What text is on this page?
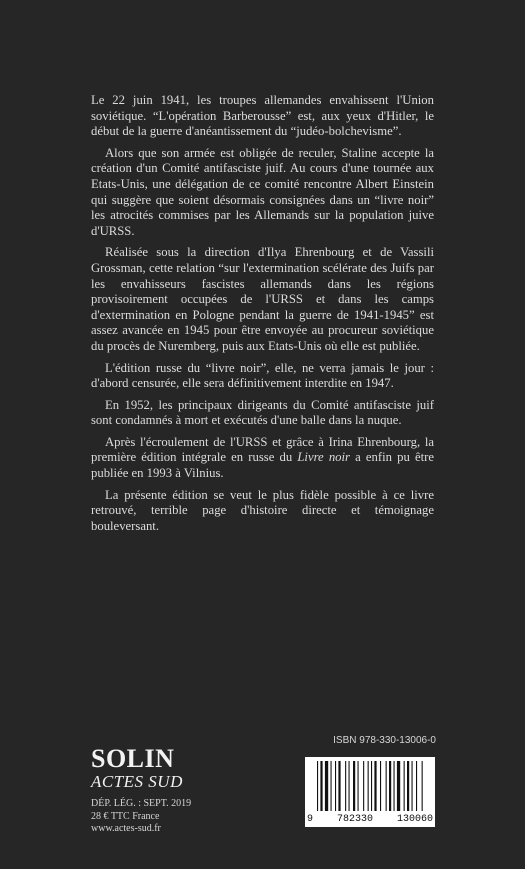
Le 22 juin 1941, les troupes allemandes envahissent l'Union soviétique. “L'opération Barberousse” est, aux yeux d'Hitler, le début de la guerre d'anéantissement du “judéo-bolchevisme”.

Alors que son armée est obligée de reculer, Staline accepte la création d'un Comité antifasciste juif. Au cours d'une tournée aux Etats-Unis, une délégation de ce comité rencontre Albert Einstein qui suggère que soient désormais consignées dans un “livre noir” les atrocités commises par les Allemands sur la population juive d'URSS.

Réalisée sous la direction d'Ilya Ehrenbourg et de Vassili Grossman, cette relation “sur l'extermination scélérate des Juifs par les envahisseurs fascistes allemands dans les régions provisoirement occupées de l'URSS et dans les camps d'extermination en Pologne pendant la guerre de 1941-1945” est assez avancée en 1945 pour être envoyée au procureur soviétique du procès de Nuremberg, puis aux Etats-Unis où elle est publiée.

L'édition russe du “livre noir”, elle, ne verra jamais le jour : d'abord censurée, elle sera définitivement interdite en 1947.

En 1952, les principaux dirigeants du Comité antifasciste juif sont condamnés à mort et exécutés d'une balle dans la nuque.

Après l'écroulement de l'URSS et grâce à Irina Ehrenbourg, la première édition intégrale en russe du Livre noir a enfin pu être publiée en 1993 à Vilnius.

La présente édition se veut le plus fidèle possible à ce livre retrouvé, terrible page d'histoire directe et témoignage bouleversant.

SOLIN
ACTES SUD
DÉP. LÉG. : SEPT. 2019
28 € TTC France
www.actes-sud.fr
ISBN 978-330-13006-0
9 782330 130060
